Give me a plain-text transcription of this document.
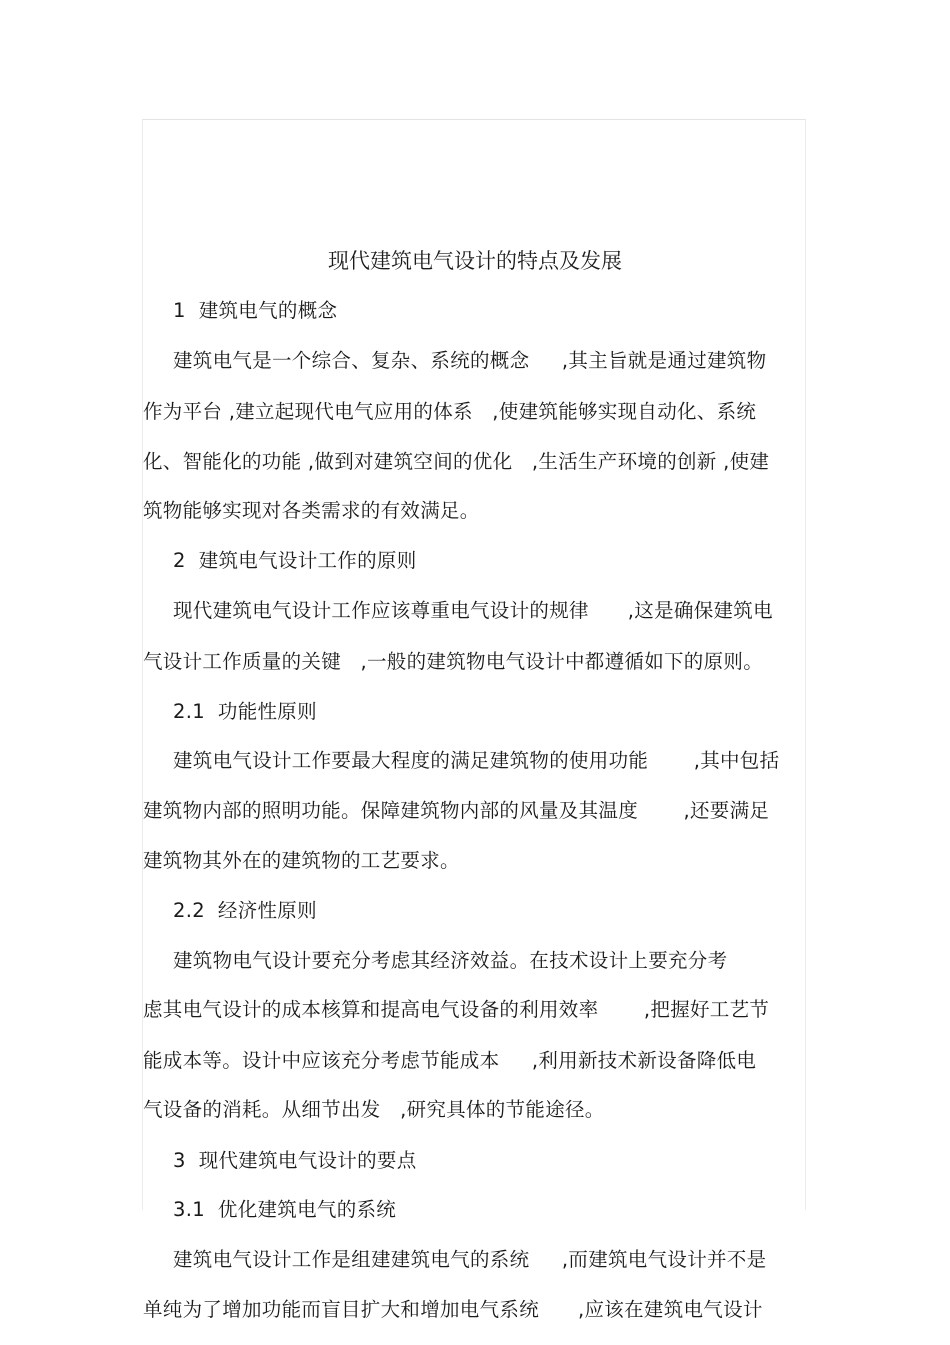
现代建筑电气设计的特点及发展
1  建筑电气的概念
建筑电气是一个综合、复杂、系统的概念     ,其主旨就是通过建筑物
作为平台 ,建立起现代电气应用的体系   ,使建筑能够实现自动化、系统
化、智能化的功能 ,做到对建筑空间的优化   ,生活生产环境的创新 ,使建
筑物能够实现对各类需求的有效满足。
2  建筑电气设计工作的原则
现代建筑电气设计工作应该尊重电气设计的规律      ,这是确保建筑电
气设计工作质量的关键   ,一般的建筑物电气设计中都遵循如下的原则。
2.1  功能性原则
建筑电气设计工作要最大程度的满足建筑物的使用功能       ,其中包括
建筑物内部的照明功能。保障建筑物内部的风量及其温度       ,还要满足
建筑物其外在的建筑物的工艺要求。
2.2  经济性原则
建筑物电气设计要充分考虑其经济效益。在技术设计上要充分考
虑其电气设计的成本核算和提高电气设备的利用效率       ,把握好工艺节
能成本等。设计中应该充分考虑节能成本     ,利用新技术新设备降低电
气设备的消耗。从细节出发   ,研究具体的节能途径。
3  现代建筑电气设计的要点
3.1  优化建筑电气的系统
建筑电气设计工作是组建建筑电气的系统     ,而建筑电气设计并不是
单纯为了增加功能而盲目扩大和增加电气系统      ,应该在建筑电气设计
